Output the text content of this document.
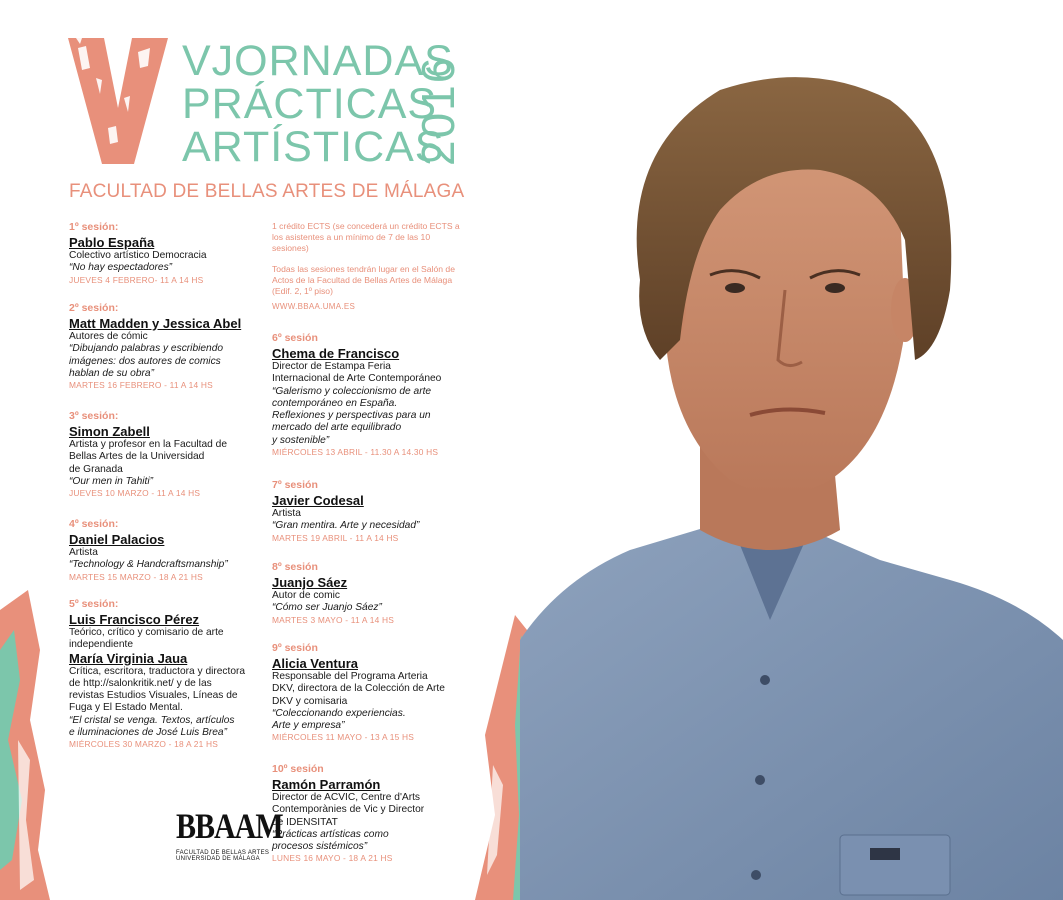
VJORNADAS
PRÁCTICAS
ARTÍSTICAS
2016
FACULTAD DE BELLAS ARTES DE MÁLAGA
1 crédito ECTS (se concederá un crédito ECTS a los asistentes a un mínimo de 7 de las 10 sesiones)
Todas las sesiones tendrán lugar en el Salón de Actos de la Facultad de Bellas Artes de Málaga (Edif. 2, 1º piso)
WWW.BBAA.UMA.ES
1º sesión:
Pablo España
Colectivo artístico Democracia
“No hay espectadores”
JUEVES 4 FEBRERO- 11 A 14 HS
2º sesión:
Matt Madden y Jessica Abel
Autores de cómic
“Dibujando palabras y escribiendo
imágenes: dos autores de comics
hablan de su obra”
MARTES 16 FEBRERO - 11 A 14 HS
3º sesión:
Simon Zabell
Artista y profesor en la Facultad de
Bellas Artes de la Universidad
de Granada
“Our men in Tahiti”
JUEVES 10 MARZO - 11 A 14 HS
4º sesión:
Daniel Palacios
Artista
“Technology & Handcraftsmanship”
MARTES 15 MARZO - 18 A 21 HS
5º sesión:
Luis Francisco Pérez
Teórico, crítico y comisario de arte
independiente
María Virginia Jaua
Crítica, escritora, traductora y directora
de http://salonkritik.net/ y de las
revistas Estudios Visuales, Líneas de
Fuga y El Estado Mental.
“El cristal se venga. Textos, artículos
e iluminaciones de José Luis Brea”
MIÉRCOLES 30 MARZO - 18 A 21 HS
6º sesión
Chema de Francisco
Director de Estampa Feria
Internacional de Arte Contemporáneo
“Galerismo y coleccionismo de arte
contemporáneo en España.
Reflexiones y perspectivas para un
mercado del arte equilibrado
y sostenible”
MIÉRCOLES 13 ABRIL - 11.30 A 14.30 HS
7º sesión
Javier Codesal
Artista
“Gran mentira. Arte y necesidad”
MARTES 19 ABRIL - 11 A 14 HS
8º sesión
Juanjo Sáez
Autor de comic
“Cómo ser Juanjo Sáez”
MARTES 3 MAYO - 11 A 14 HS
9º sesión
Alicia Ventura
Responsable del Programa Arteria
DKV, directora de la Colección de Arte
DKV y comisaria
“Coleccionando experiencias.
Arte y empresa”
MIÉRCOLES 11 MAYO - 13 A 15 HS
10º sesión
Ramón Parramón
Director de ACVIC, Centre d'Arts
Contemporànies de Vic y Director
de IDENSITAT
“Prácticas artísticas como
procesos sistémicos”
LUNES 16 MAYO - 18 A 21 HS
BBAAM
FACULTAD DE BELLAS ARTES
UNIVERSIDAD DE MÁLAGA
